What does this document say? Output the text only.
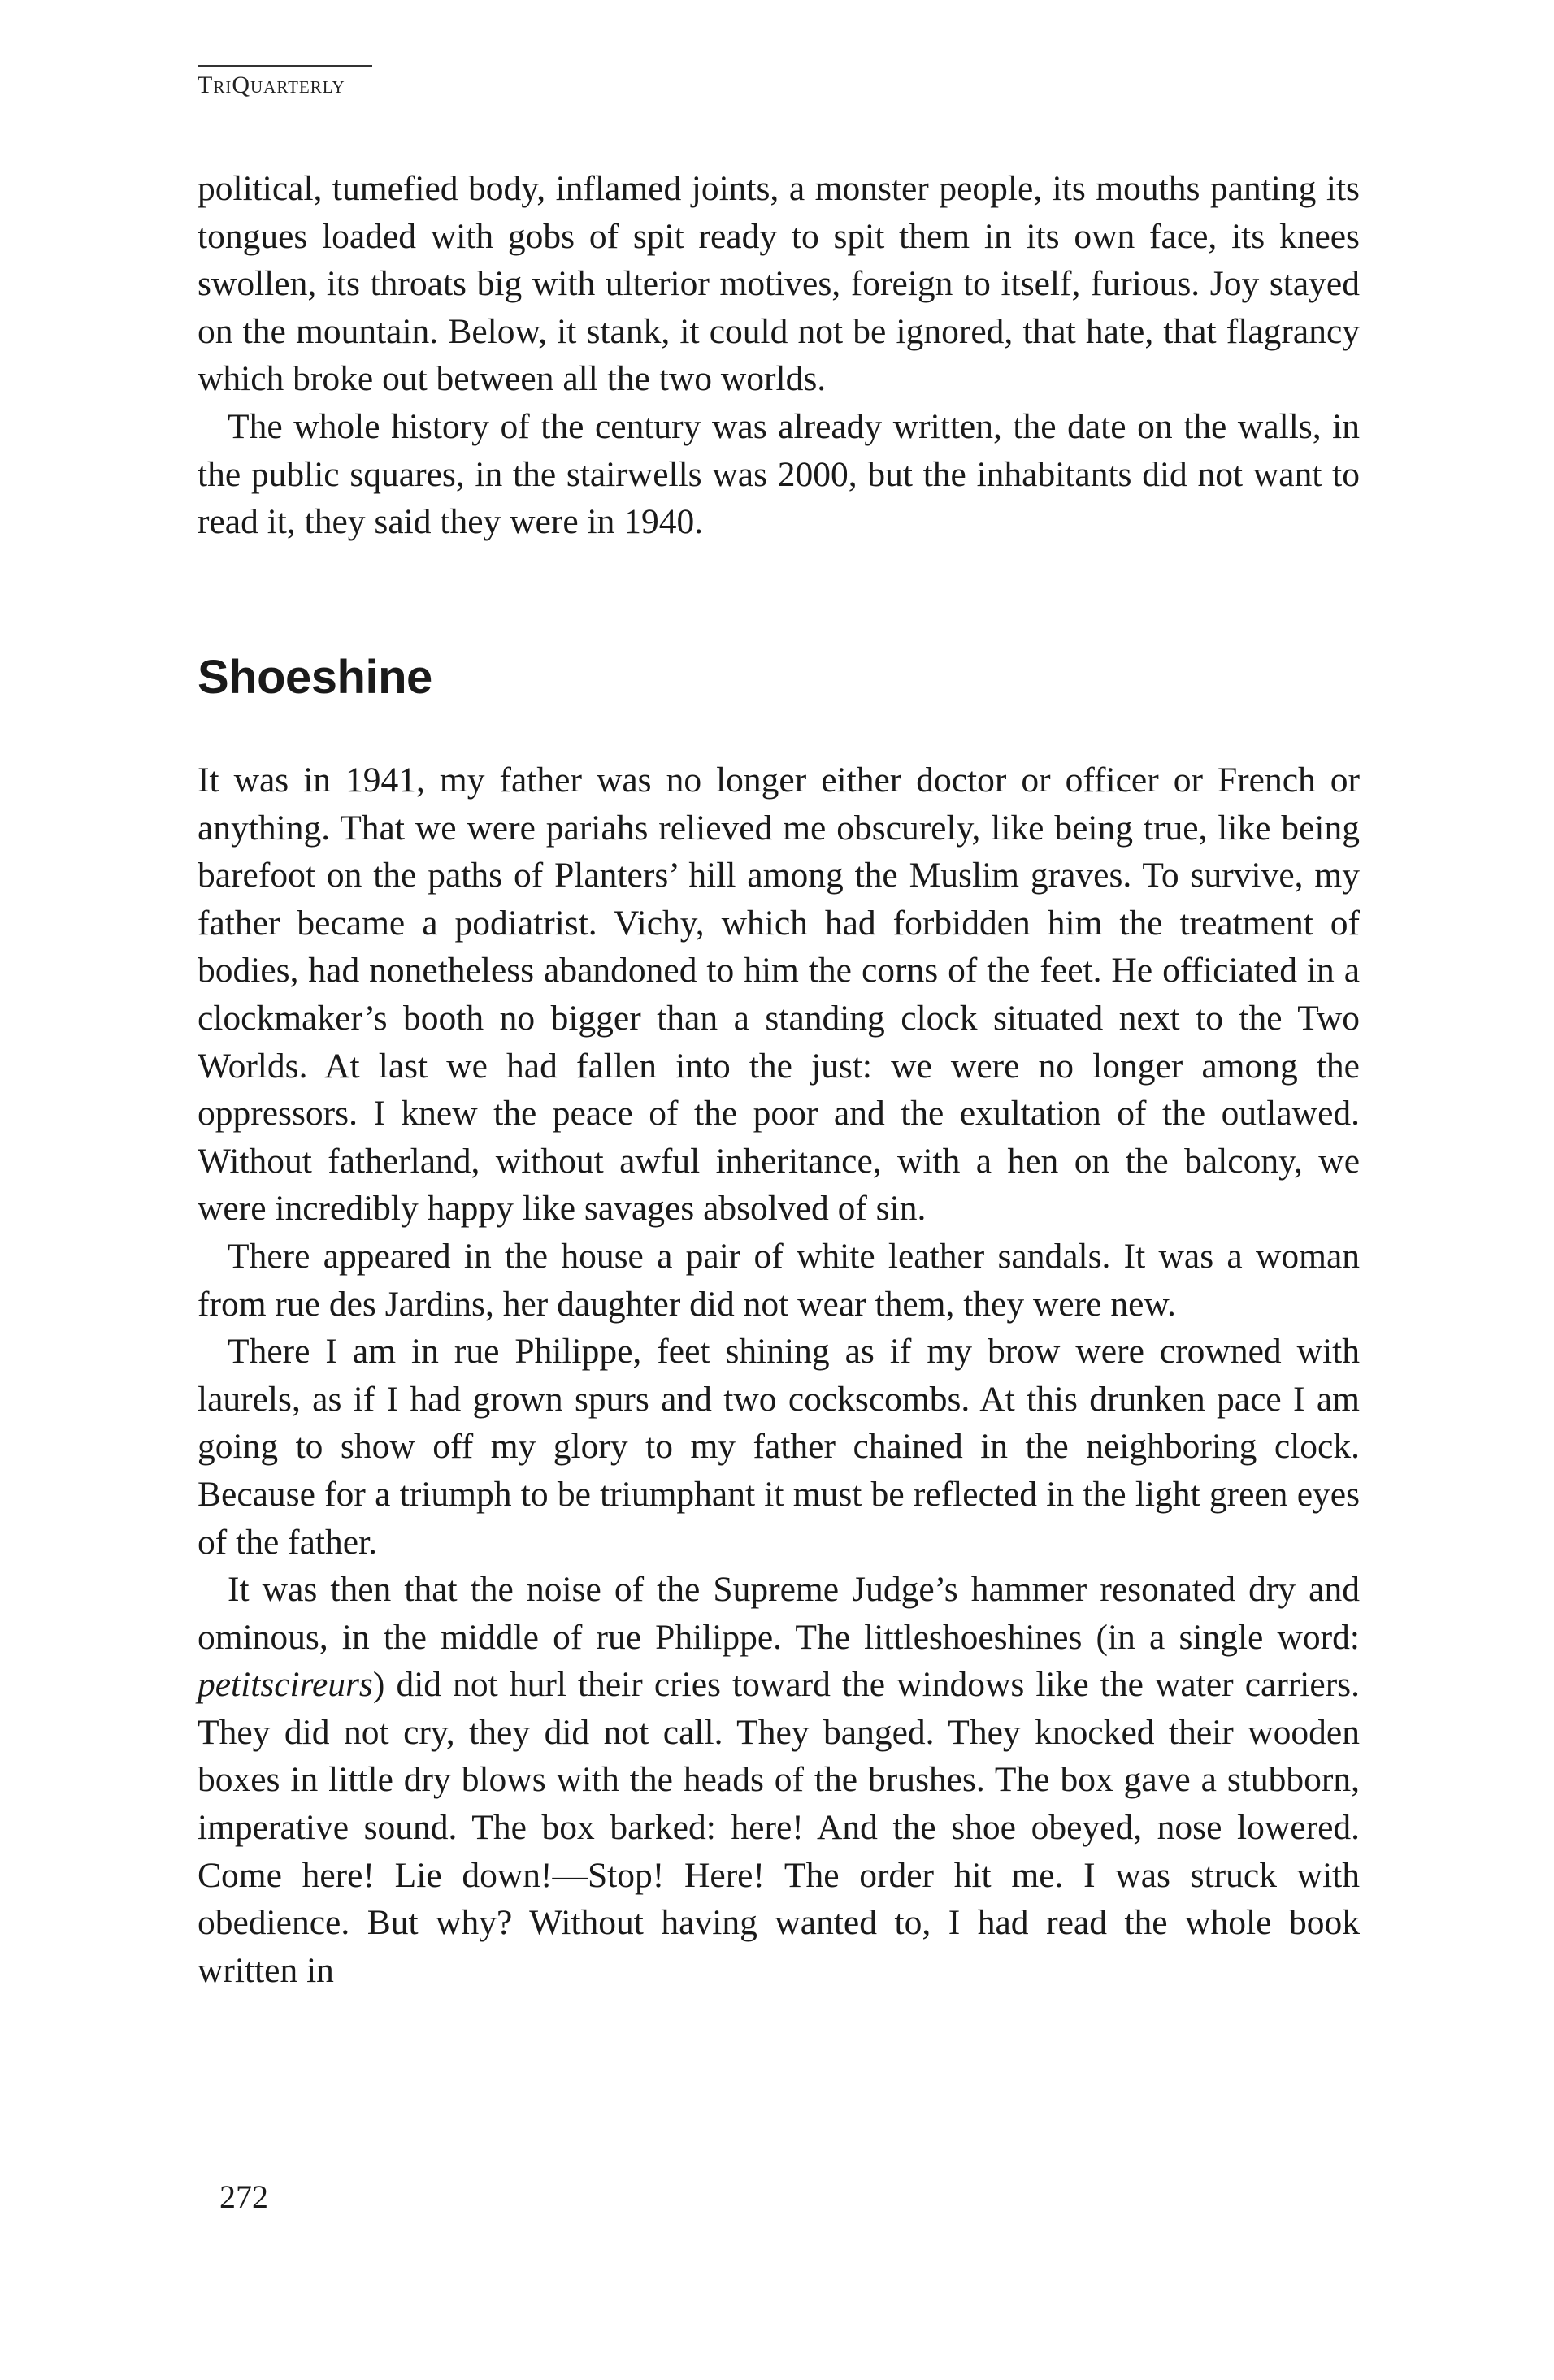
TriQuarterly

political, tumefied body, inflamed joints, a monster people, its mouths panting its tongues loaded with gobs of spit ready to spit them in its own face, its knees swollen, its throats big with ulterior motives, foreign to itself, furious. Joy stayed on the mountain. Below, it stank, it could not be ignored, that hate, that flagrancy which broke out between all the two worlds.

The whole history of the century was already written, the date on the walls, in the public squares, in the stairwells was 2000, but the inhabitants did not want to read it, they said they were in 1940.

Shoeshine

It was in 1941, my father was no longer either doctor or officer or French or anything. That we were pariahs relieved me obscurely, like being true, like being barefoot on the paths of Planters’ hill among the Muslim graves. To survive, my father became a podiatrist. Vichy, which had forbidden him the treatment of bodies, had nonetheless abandoned to him the corns of the feet. He officiated in a clockmaker’s booth no bigger than a standing clock situated next to the Two Worlds. At last we had fallen into the just: we were no longer among the oppressors. I knew the peace of the poor and the exultation of the outlawed. Without fatherland, without awful inheritance, with a hen on the balcony, we were incredibly happy like savages absolved of sin.

There appeared in the house a pair of white leather sandals. It was a woman from rue des Jardins, her daughter did not wear them, they were new.

There I am in rue Philippe, feet shining as if my brow were crowned with laurels, as if I had grown spurs and two cockscombs. At this drunken pace I am going to show off my glory to my father chained in the neighboring clock. Because for a triumph to be triumphant it must be reflected in the light green eyes of the father.

It was then that the noise of the Supreme Judge’s hammer resonated dry and ominous, in the middle of rue Philippe. The littleshoeshines (in a single word: petitscireurs) did not hurl their cries toward the windows like the water carriers. They did not cry, they did not call. They banged. They knocked their wooden boxes in little dry blows with the heads of the brushes. The box gave a stubborn, imperative sound. The box barked: here! And the shoe obeyed, nose lowered. Come here! Lie down!—Stop! Here! The order hit me. I was struck with obedience. But why? Without having wanted to, I had read the whole book written in

272
